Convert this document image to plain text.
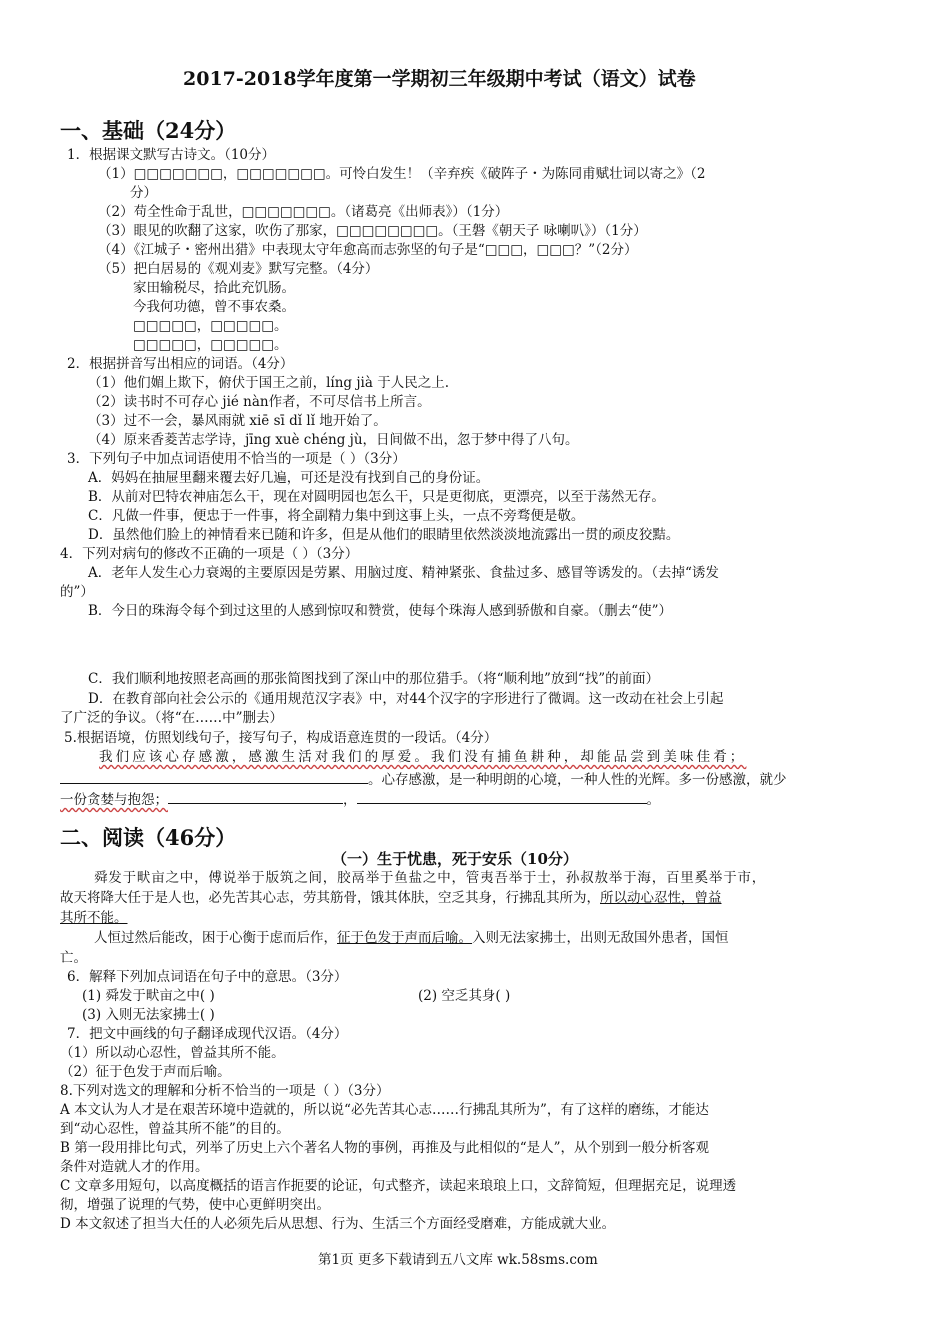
2017-2018学年度第一学期初三年级期中考试（语文）试卷
一、基础（24分）
1．根据课文默写古诗文。（10分）
（1）□□□□□□□，□□□□□□□。可怜白发生！（辛弃疾《破阵子・为陈同甫赋壮词以寄之》（2
分）
（2）苟全性命于乱世，□□□□□□□。（诸葛亮《出师表》）（1分）
（3）眼见的吹翻了这家，吹伤了那家，□□□□□□□□。（王磐《朝天子 咏喇叭》）（1分）
（4）《江城子・密州出猎》中表现太守年愈高而志弥坚的句子是“□□□，□□□？”（2分）
（5）把白居易的《观刈麦》默写完整。（4分）
家田输税尽，拾此充饥肠。
今我何功德，曾不事农桑。
□□□□□，□□□□□。
□□□□□，□□□□□。
2．根据拼音写出相应的词语。（4分）
（1）他们媚上欺下，俯伏于国王之前，líng jià 于人民之上.
（2）读书时不可存心 jié nàn作者，不可尽信书上所言。
（3）过不一会，暴风雨就 xiē sī dǐ lǐ 地开始了。
（4）原来香菱苦志学诗，jīng xuè chéng jù，日间做不出，忽于梦中得了八句。
3．下列句子中加点词语使用不恰当的一项是（ ）（3分）
A．妈妈在抽屉里翻来覆去好几遍，可还是没有找到自己的身份证。
B．从前对巴特农神庙怎么干，现在对圆明园也怎么干，只是更彻底，更漂亮，以至于荡然无存。
C．凡做一件事，便忠于一件事，将全副精力集中到这事上头，一点不旁骛便是敬。
D．虽然他们脸上的神情看来已随和许多，但是从他们的眼睛里依然淡淡地流露出一贯的顽皮狡黠。
4．下列对病句的修改不正确的一项是（ ）（3分）
A．老年人发生心力衰竭的主要原因是劳累、用脑过度、精神紧张、食盐过多、感冒等诱发的。（去掉“诱发
的”）
B．今日的珠海令每个到过这里的人感到惊叹和赞赏，使每个珠海人感到骄傲和自豪。（删去“使”）
C．我们顺利地按照老高画的那张简图找到了深山中的那位猎手。（将“顺利地”放到“找”的前面）
D．在教育部向社会公示的《通用规范汉字表》中，对44个汉字的字形进行了微调。这一改动在社会上引起
了广泛的争议。（将“在……中”删去）
5.根据语境，仿照划线句子，接写句子，构成语意连贯的一段话。（4分）
我们应该心存感激，感激生活对我们的厚爱。我们没有捕鱼耕种，却能品尝到美味佳肴；
。心存感激，是一种明朗的心境，一种人性的光辉。多一份感激，就少
一份贪婪与抱怨；	，	。
二、阅读（46分）
（一）生于忧患，死于安乐（10分）
舜发于畎亩之中，傅说举于版筑之间，胶鬲举于鱼盐之中，管夷吾举于士，孙叔敖举于海，百里奚举于市，
故天将降大任于是人也，必先苦其心志，劳其筋骨，饿其体肤，空乏其身，行拂乱其所为，所以动心忍性，曾益
其所不能。
人恒过然后能改，困于心衡于虑而后作，征于色发于声而后喻。入则无法家拂士，出则无敌国外患者，国恒
亡。
6．解释下列加点词语在句子中的意思。（3分）
(1) 舜发于畎亩之中( )	(2) 空乏其身( )
(3) 入则无法家拂士( )
7．把文中画线的句子翻译成现代汉语。（4分）
（1）所以动心忍性，曾益其所不能。
（2）征于色发于声而后喻。
8.下列对选文的理解和分析不恰当的一项是（ ）（3分）
A 本文认为人才是在艰苦环境中造就的，所以说“必先苦其心志……行拂乱其所为”，有了这样的磨练，才能达
到“动心忍性，曾益其所不能”的目的。
B 第一段用排比句式，列举了历史上六个著名人物的事例，再推及与此相似的“是人”，从个别到一般分析客观
条件对造就人才的作用。
C 文章多用短句，以高度概括的语言作扼要的论证，句式整齐，读起来琅琅上口，文辞简短，但理据充足，说理透
彻，增强了说理的气势，使中心更鲜明突出。
D 本文叙述了担当大任的人必须先后从思想、行为、生活三个方面经受磨难，方能成就大业。
第1页 更多下载请到五八文库 wk.58sms.com
